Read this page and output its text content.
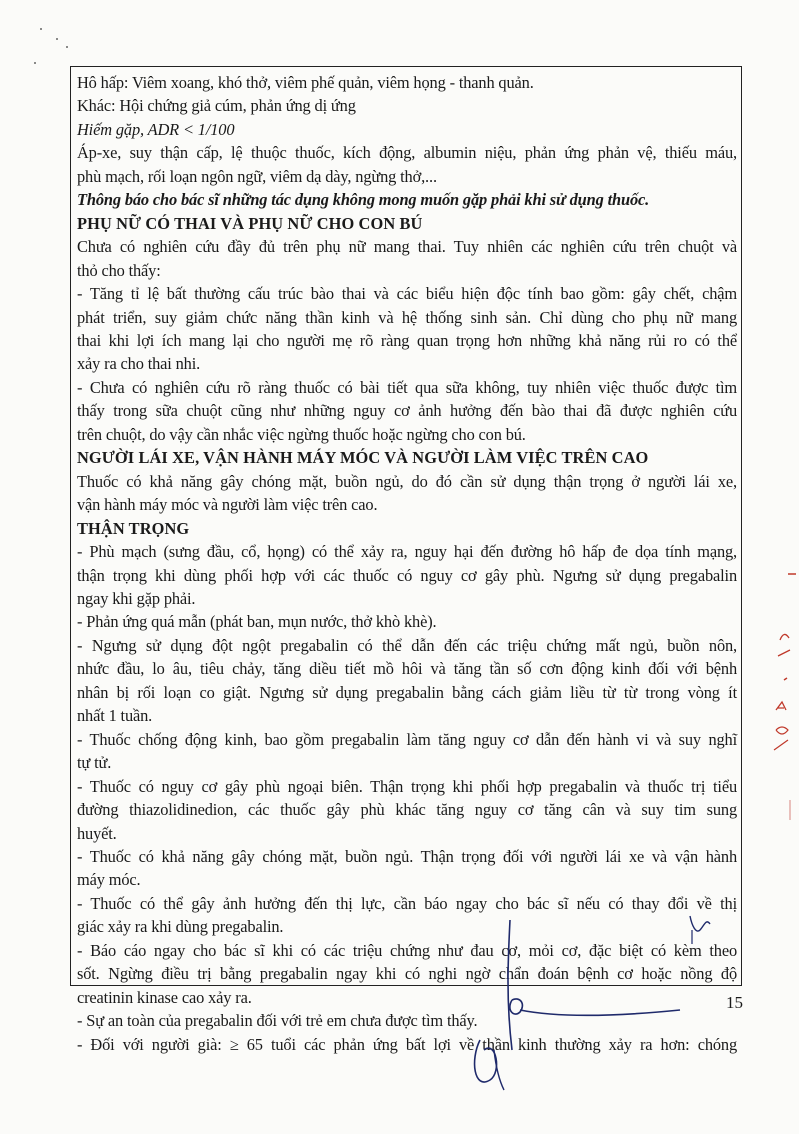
Hô hấp: Viêm xoang, khó thở, viêm phế quản, viêm họng - thanh quản.

Khác: Hội chứng giả cúm, phản ứng dị ứng

Hiếm gặp, ADR < 1/100

Áp-xe, suy thận cấp, lệ thuộc thuốc, kích động, albumin niệu, phản ứng phản vệ, thiếu máu,

phù mạch, rối loạn ngôn ngữ, viêm dạ dày, ngừng thở,...

Thông báo cho bác sĩ những tác dụng không mong muốn gặp phải khi sử dụng thuốc.

PHỤ NỮ CÓ THAI VÀ PHỤ NỮ CHO CON BÚ

Chưa có nghiên cứu đầy đủ trên phụ nữ mang thai. Tuy nhiên các nghiên cứu trên chuột và

thỏ cho thấy:

- Tăng tỉ lệ bất thường cấu trúc bào thai và các biểu hiện độc tính bao gồm: gây chết, chậm

phát triển, suy giảm chức năng thần kinh và hệ thống sinh sản. Chỉ dùng cho phụ nữ mang

thai khi lợi ích mang lại cho người mẹ rõ ràng quan trọng hơn những khả năng rủi ro có thể

xảy ra cho thai nhi.

- Chưa có nghiên cứu rõ ràng thuốc có bài tiết qua sữa không, tuy nhiên việc thuốc được tìm

thấy trong sữa chuột cũng như những nguy cơ ảnh hưởng đến bào thai đã được nghiên cứu

trên chuột, do vậy cần nhắc việc ngừng thuốc hoặc ngừng cho con bú.

NGƯỜI LÁI XE, VẬN HÀNH MÁY MÓC VÀ NGƯỜI LÀM VIỆC TRÊN CAO

Thuốc có khả năng gây chóng mặt, buồn ngủ, do đó cần sử dụng thận trọng ở người lái xe,

vận hành máy móc và người làm việc trên cao.

THẬN TRỌNG

- Phù mạch (sưng đầu, cổ, họng) có thể xảy ra, nguy hại đến đường hô hấp đe dọa tính mạng,

thận trọng khi dùng phối hợp với các thuốc có nguy cơ gây phù. Ngưng sử dụng pregabalin

ngay khi gặp phải.

- Phản ứng quá mẫn (phát ban, mụn nước, thở khò khè).

- Ngưng sử dụng đột ngột pregabalin có thể dẫn đến các triệu chứng mất ngủ, buồn nôn,

nhức đầu, lo âu, tiêu chảy, tăng diều tiết mồ hôi và tăng tần số cơn động kinh đối với bệnh

nhân bị rối loạn co giật. Ngưng sử dụng pregabalin bằng cách giảm liều từ từ trong vòng ít

nhất 1 tuần.

- Thuốc chống động kinh, bao gồm pregabalin làm tăng nguy cơ dẫn đến hành vi và suy nghĩ

tự tử.

- Thuốc có nguy cơ gây phù ngoại biên. Thận trọng khi phối hợp pregabalin và thuốc trị tiểu

đường thiazolidinedion, các thuốc gây phù khác tăng nguy cơ tăng cân và suy tim sung

huyết.

- Thuốc có khả năng gây chóng mặt, buồn ngủ. Thận trọng đối với người lái xe và vận hành

máy móc.

- Thuốc có thể gây ảnh hưởng đến thị lực, cần báo ngay cho bác sĩ nếu có thay đổi về thị

giác xảy ra khi dùng pregabalin.

- Báo cáo ngay cho bác sĩ khi có các triệu chứng như đau cơ, mỏi cơ, đặc biệt có kèm theo

sốt. Ngừng điều trị bằng pregabalin ngay khi có nghi ngờ chẩn đoán bệnh cơ hoặc nồng độ

creatinin kinase cao xảy ra.

- Sự an toàn của pregabalin đối với trẻ em chưa được tìm thấy.

- Đối với người già: ≥ 65 tuổi các phản ứng bất lợi về thần kinh thường xảy ra hơn: chóng

15
